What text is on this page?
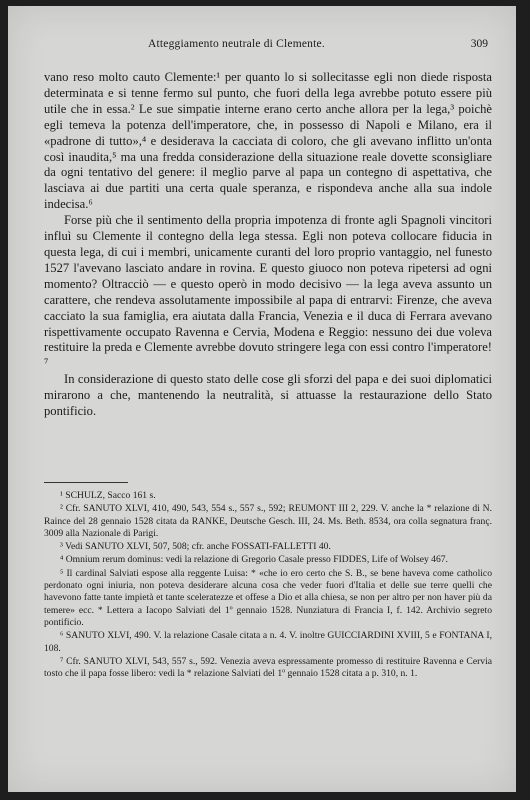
Atteggiamento neutrale di Clemente.	309

vano reso molto cauto Clemente:¹ per quanto lo si sollecitasse egli non diede risposta determinata e si tenne fermo sul punto, che fuori della lega avrebbe potuto essere più utile che in essa.² Le sue simpatie interne erano certo anche allora per la lega,³ poichè egli temeva la potenza dell'imperatore, che, in possesso di Napoli e Milano, era il «padrone di tutto»,⁴ e desiderava la cacciata di coloro, che gli avevano inflitto un'onta così inaudita,⁵ ma una fredda considerazione della situazione reale dovette sconsigliare da ogni tentativo del genere: il meglio parve al papa un contegno di aspettativa, che lasciava ai due partiti una certa quale speranza, e rispondeva anche alla sua indole indecisa.⁶

Forse più che il sentimento della propria impotenza di fronte agli Spagnoli vincitori influì su Clemente il contegno della lega stessa. Egli non poteva collocare fiducia in questa lega, di cui i membri, unicamente curanti del loro proprio vantaggio, nel funesto 1527 l'avevano lasciato andare in rovina. E questo giuoco non poteva ripetersi ad ogni momento? Oltracciò — e questo operò in modo decisivo — la lega aveva assunto un carattere, che rendeva assolutamente impossibile al papa di entrarvi: Firenze, che aveva cacciato la sua famiglia, era aiutata dalla Francia, Venezia e il duca di Ferrara avevano rispettivamente occupato Ravenna e Cervia, Modena e Reggio: nessuno dei due voleva restituire la preda e Clemente avrebbe dovuto stringere lega con essi contro l'imperatore!⁷

In considerazione di questo stato delle cose gli sforzi del papa e dei suoi diplomatici mirarono a che, mantenendo la neutralità, si attuasse la restaurazione dello Stato pontificio.

¹ SCHULZ, Sacco 161 s.

² Cfr. SANUTO XLVI, 410, 490, 543, 554 s., 557 s., 592; REUMONT III 2, 229. V. anche la * relazione di N. Raince del 28 gennaio 1528 citata da RANKE, Deutsche Gesch. III, 24. Ms. Beth. 8534, ora colla segnatura franç. 3009 alla Nazionale di Parigi.

³ Vedi SANUTO XLVI, 507, 508; cfr. anche FOSSATI-FALLETTI 40.

⁴ Omnium rerum dominus: vedi la relazione di Gregorio Casale presso FIDDES, Life of Wolsey 467.

⁵ Il cardinal Salviati espose alla reggente Luisa: * «che io ero certo che S. B., se bene haveva come catholico perdonato ogni iniuria, non poteva desiderare alcuna cosa che veder fuori d'Italia et delle sue terre quelli che havevono fatte tante impietà et tante sceleratezze et offese a Dio et alla chiesa, se non per altro per non haver più da temere» ecc. * Lettera a Iacopo Salviati del 1º gennaio 1528. Nunziatura di Francia I, f. 142. Archivio segreto pontificio.

⁶ SANUTO XLVI, 490. V. la relazione Casale citata a n. 4. V. inoltre GUICCIARDINI XVIII, 5 e FONTANA I, 108.

⁷ Cfr. SANUTO XLVI, 543, 557 s., 592. Venezia aveva espressamente promesso di restituire Ravenna e Cervia tosto che il papa fosse libero: vedi la * relazione Salviati del 1º gennaio 1528 citata a p. 310, n. 1.
